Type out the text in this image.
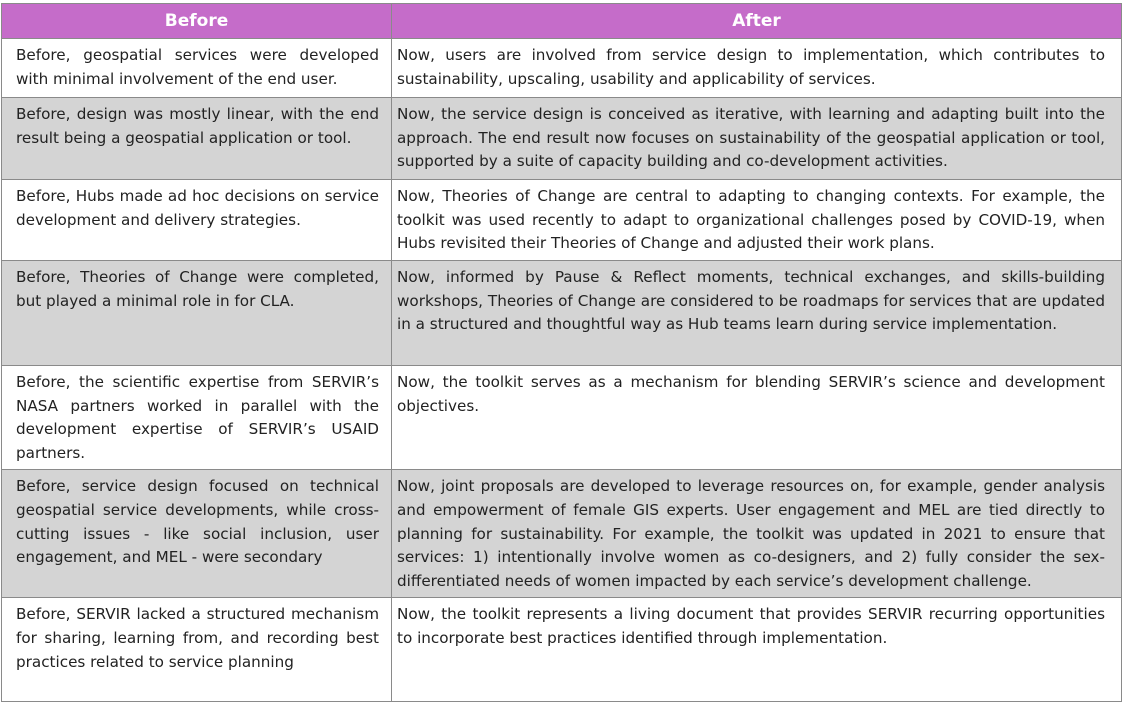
Before	After
Before, geospatial services were developed with minimal involvement of the end user.	Now, users are involved from service design to implementation, which contributes to sustainability, upscaling, usability and applicability of services.
Before, design was mostly linear, with the end result being a geospatial application or tool.	Now, the service design is conceived as iterative, with learning and adapting built into the approach. The end result now focuses on sustainability of the geospatial application or tool, supported by a suite of capacity building and co-development activities.
Before, Hubs made ad hoc decisions on service development and delivery strategies.	Now, Theories of Change are central to adapting to changing contexts. For example, the toolkit was used recently to adapt to organizational challenges posed by COVID-19, when Hubs revisited their Theories of Change and adjusted their work plans.
Before, Theories of Change were completed, but played a minimal role in for CLA.	Now, informed by Pause & Reflect moments, technical exchanges, and skills-building workshops, Theories of Change are considered to be roadmaps for services that are updated in a structured and thoughtful way as Hub teams learn during service implementation.
Before, the scientific expertise from SERVIR’s NASA partners worked in parallel with the development expertise of SERVIR’s USAID partners.	Now, the toolkit serves as a mechanism for blending SERVIR’s science and development objectives.
Before, service design focused on technical geospatial service developments, while cross-cutting issues - like social inclusion, user engagement, and MEL - were secondary	Now, joint proposals are developed to leverage resources on, for example, gender analysis and empowerment of female GIS experts. User engagement and MEL are tied directly to planning for sustainability. For example, the toolkit was updated in 2021 to ensure that services: 1) intentionally involve women as co-designers, and 2) fully consider the sex-differentiated needs of women impacted by each service’s development challenge.
Before, SERVIR lacked a structured mechanism for sharing, learning from, and recording best practices related to service planning	Now, the toolkit represents a living document that provides SERVIR recurring opportunities to incorporate best practices identified through implementation.
